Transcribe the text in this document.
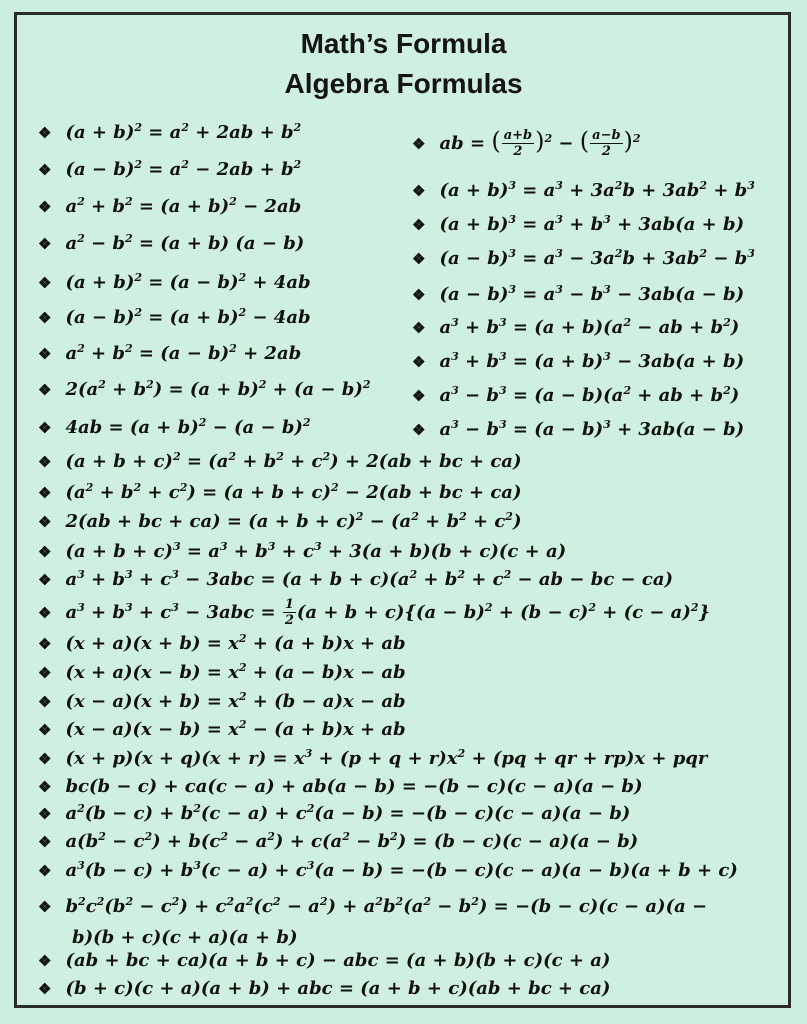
Math’s Formula
Algebra Formulas
❖ $(a + b)^2 = a^2 + 2ab + b^2$
❖ $(a - b)^2 = a^2 - 2ab + b^2$
❖ $a^2 + b^2 = (a + b)^2 - 2ab$
❖ $a^2 - b^2 = (a + b) (a - b)$
❖ $(a + b)^2 = (a - b)^2 + 4ab$
❖ $(a - b)^2 = (a + b)^2 - 4ab$
❖ $a^2 + b^2 = (a - b)^2 + 2ab$
❖ $2(a^2 + b^2) = (a + b)^2 + (a - b)^2$
❖ $4ab = (a + b)^2 - (a - b)^2$
❖ ab = ( $\frac{a+b}{2} )^2$ − ( $\frac{a-b}{2} )^2$
❖ $(a + b)^3 = a^3 + 3a^2b + 3ab^2 + b^3$
❖ $(a + b)^3 = a^3 + b^3 + 3ab(a + b)$
❖ $(a - b)^3 = a^3 - 3a^2b + 3ab^2 - b^3$
❖ $(a - b)^3 = a^3 - b^3 - 3ab(a - b)$
❖ $a^3 + b^3 = (a + b)(a^2$ − ab + $b^2$)
❖ $a^3 + b^3 = (a + b)^3 - 3ab(a + b)$
❖ $a^3 - b^3 = (a - b)(a^2$ + ab + $b^2$)
❖ $a^3 - b^3 = (a - b)^3 + 3ab(a - b)$
❖ $(a + b + c)^2 = (a^2 + b^2 + c^2) + 2(ab$ + bc + ca)
❖ $(a^2 + b^2 + c^2) = (a + b + c)^2 - 2(ab$ + bc + ca)
❖ 2(ab + bc + $ca) = (a + b + c)^2 - (a^2 + b^2 + c^2)$
❖ $(a + b + c)^3 = a^3 + b^3 + c^3 + 3(a + b)(b + c)(c + a)$
❖ $a^3 + b^3 + c^3 - 3abc = (a + b + c)(a^2 + b^2 + c^2$ − ab − bc − ca)
❖ $a^3 + b^3 + c^3 - 3abc = \frac{1}{2} (a + b + c)\{(a - b)^2 + (b - c)^2 + (c - a)^2\}$
❖ $(x + a)(x + b) = x^2 + (a + b)x$ + ab
❖ $(x + a)(x - b) = x^2 + (a - b)x$ − ab
❖ $(x - a)(x + b) = x^2 + (b - a)x$ − ab
❖ $(x - a)(x - b) = x^2 - (a + b)x$ + ab
❖ $(x + p)(x + q)(x + r) = x^3 + (p + q + r)x^2 + (pq$ + qr + rp)x + pqr
❖ bc(b − c) + ca(c − a) + ab(a − b) = −(b − c)(c − a)(a − b)
❖ $a^2(b - c) + b^2(c - a) + c^2(a - b) = -(b - c)(c - a)(a - b)$
❖ $a(b^2 - c^2) + b(c^2 - a^2) + c(a^2 - b^2) = (b - c)(c - a)(a - b)$
❖ $a^3(b - c) + b^3(c - a) + c^3(a - b) = -(b - c)(c - a)(a - b)(a + b + c)$
❖ $b^2c^2(b^2 - c^2) + c^2a^2(c^2 - a^2) + a^2b^2(a^2 - b^2) = -(b - c)(c - a)(a$ −
b)(b + c)(c + a)(a + b)
❖ (ab + bc + ca)(a + b + c) − abc = (a + b)(b + c)(c + a)
❖ (b + c)(c + a)(a + b) + abc = (a + b + c)(ab + bc + ca)
